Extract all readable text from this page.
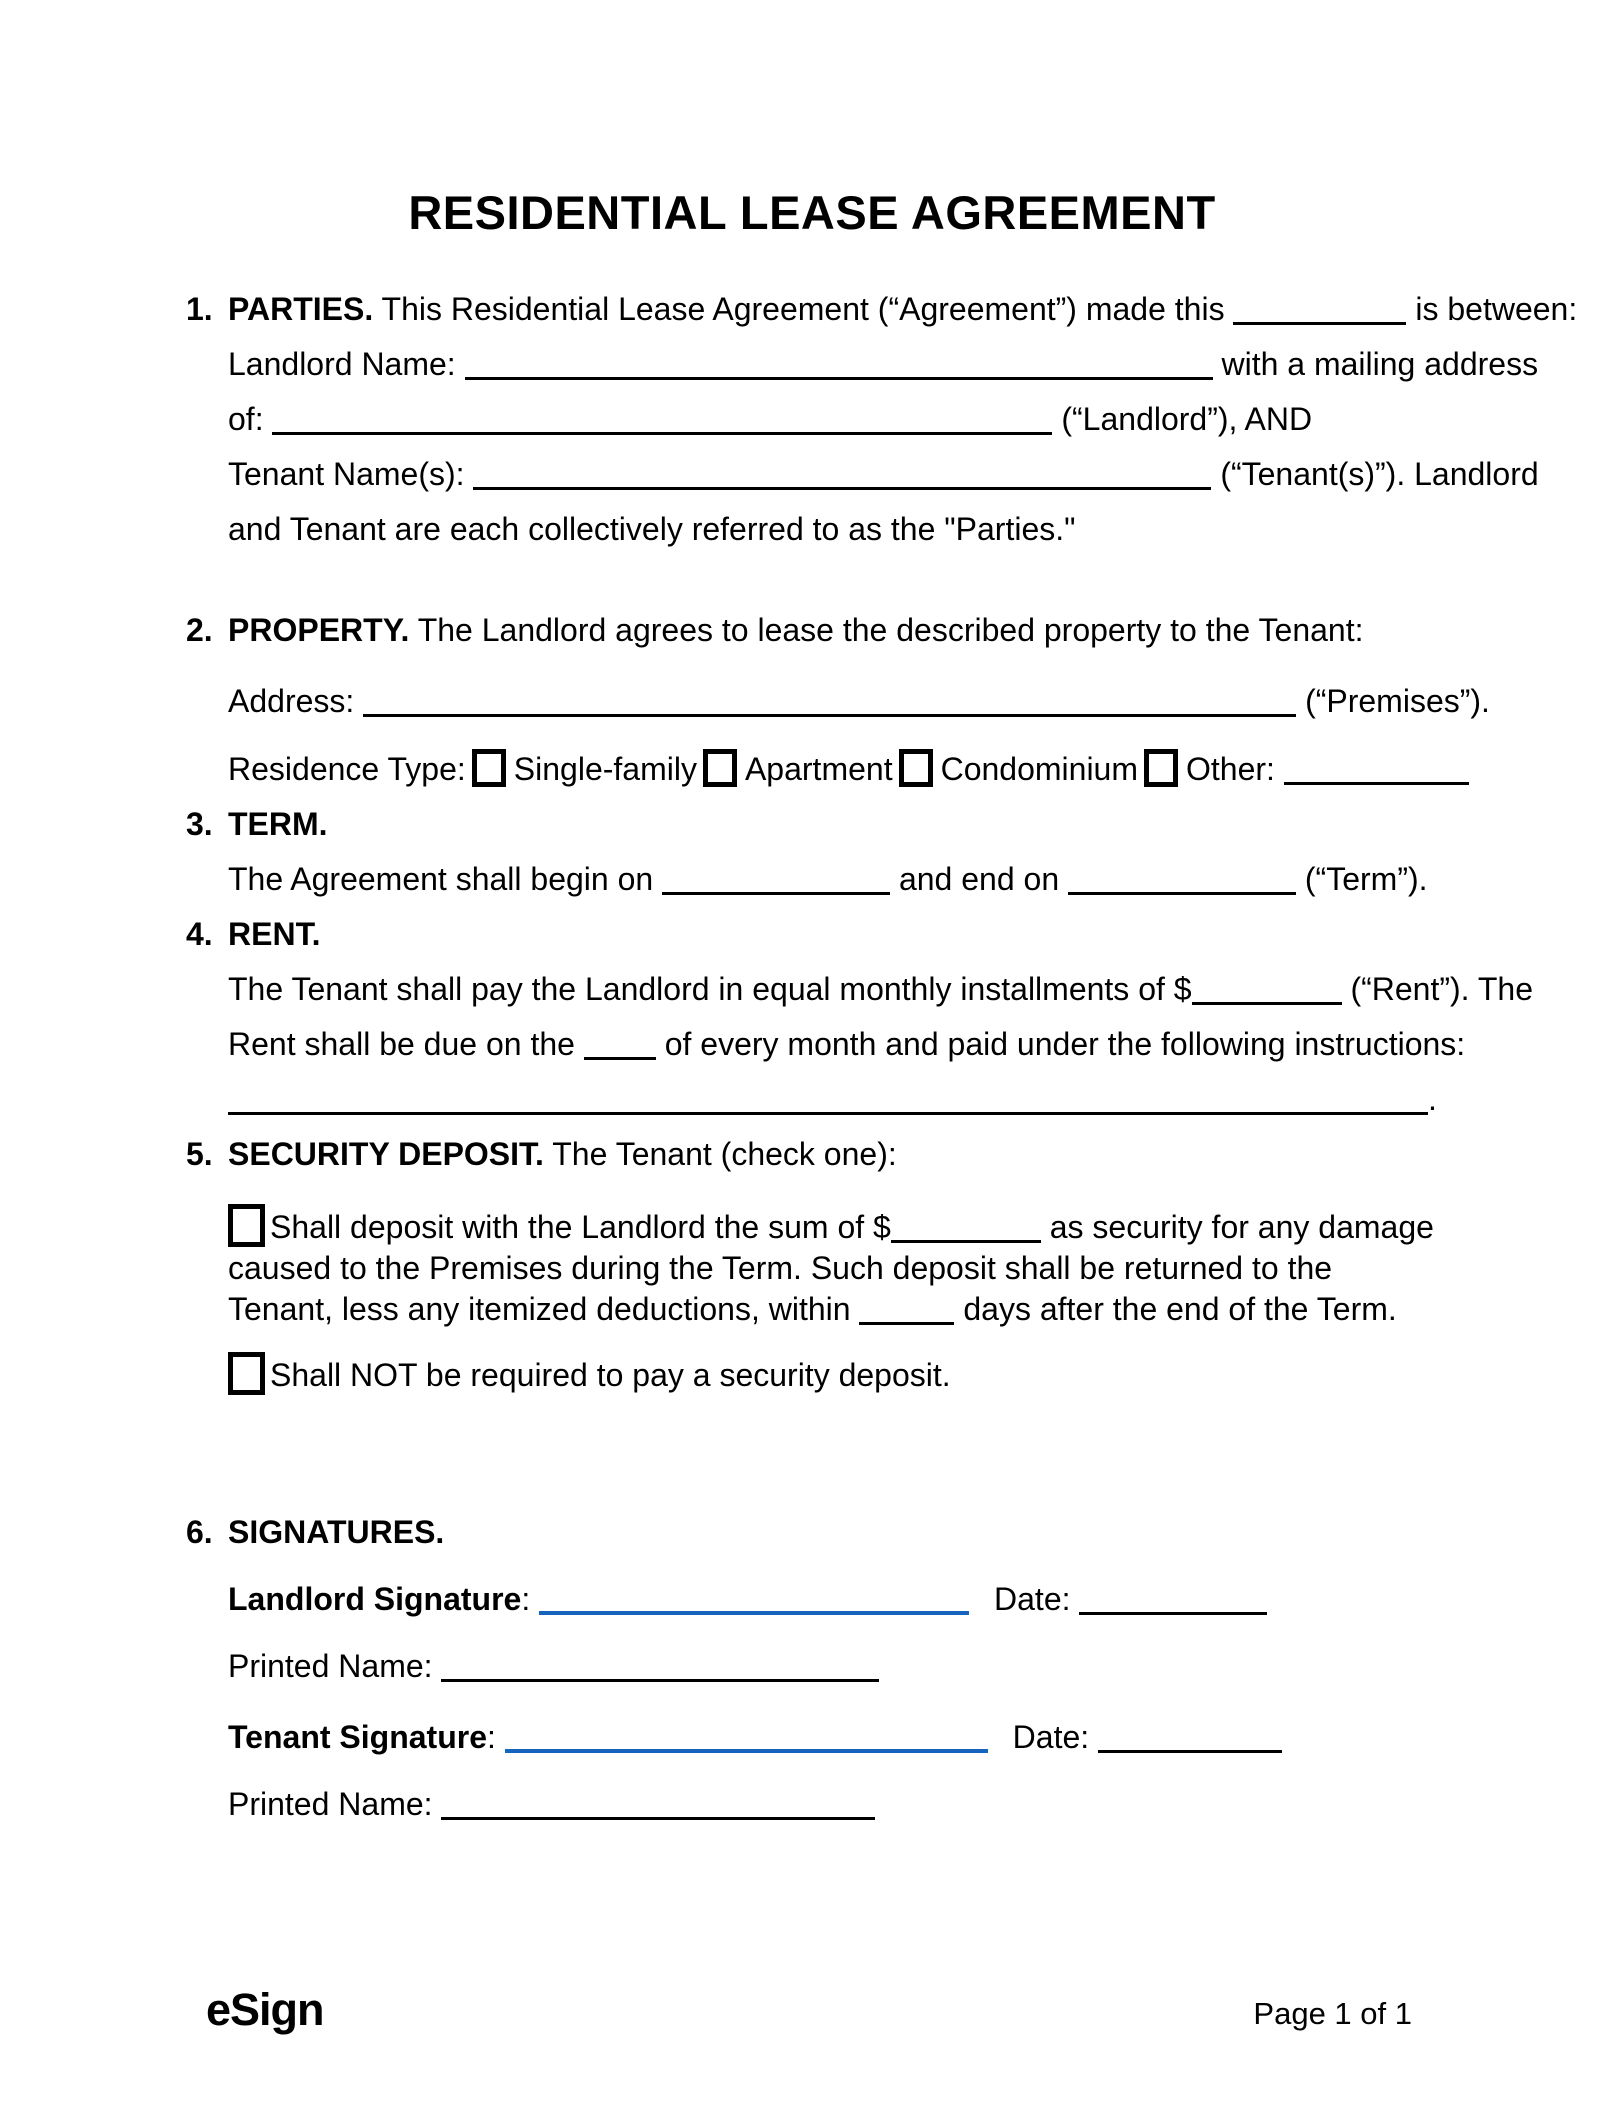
RESIDENTIAL LEASE AGREEMENT
1. PARTIES. This Residential Lease Agreement (“Agreement”) made this	is between:
Landlord Name:	with a mailing address
of:	(“Landlord”), AND
Tenant Name(s):	(“Tenant(s)”). Landlord
and Tenant are each collectively referred to as the "Parties."
2. PROPERTY. The Landlord agrees to lease the described property to the Tenant:
Address:	(“Premises”).
Residence Type: Single-family Apartment Condominium Other:
3. TERM.
The Agreement shall begin on	and end on	(“Term”).
4. RENT.
The Tenant shall pay the Landlord in equal monthly installments of $	(“Rent”). The
Rent shall be due on the	of every month and paid under the following instructions:
.
5. SECURITY DEPOSIT. The Tenant (check one):
Shall deposit with the Landlord the sum of $	as security for any damage caused to the Premises during the Term. Such deposit shall be returned to the Tenant, less any itemized deductions, within	days after the end of the Term.
Shall NOT be required to pay a security deposit.
6. SIGNATURES.
Landlord Signature:	Date:
Printed Name:
Tenant Signature:	Date:
Printed Name:
eSign	Page 1 of 1
